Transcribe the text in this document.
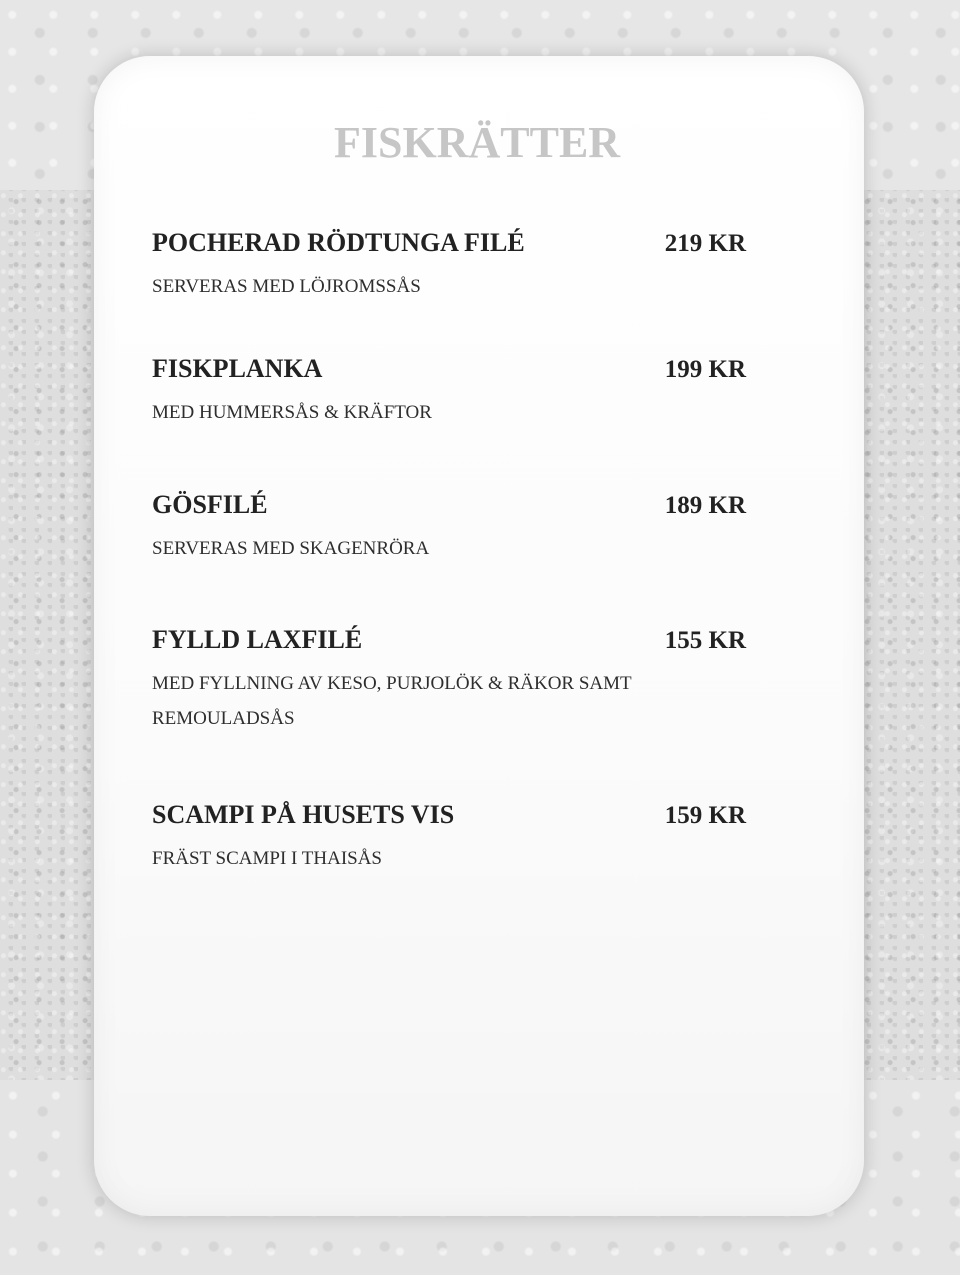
FISKRÄTTER
POCHERAD RÖDTUNGA FILÉ	219 KR
SERVERAS MED LÖJROMSSÅS
FISKPLANKA	199 KR
MED HUMMERSÅS & KRÄFTOR
GÖSFILÉ	189 KR
SERVERAS MED SKAGENRÖRA
FYLLD LAXFILÉ	155 KR
MED FYLLNING AV KESO, PURJOLÖK & RÄKOR SAMT REMOULADSÅS
SCAMPI PÅ HUSETS VIS	159 KR
FRÄST SCAMPI I THAISÅS
